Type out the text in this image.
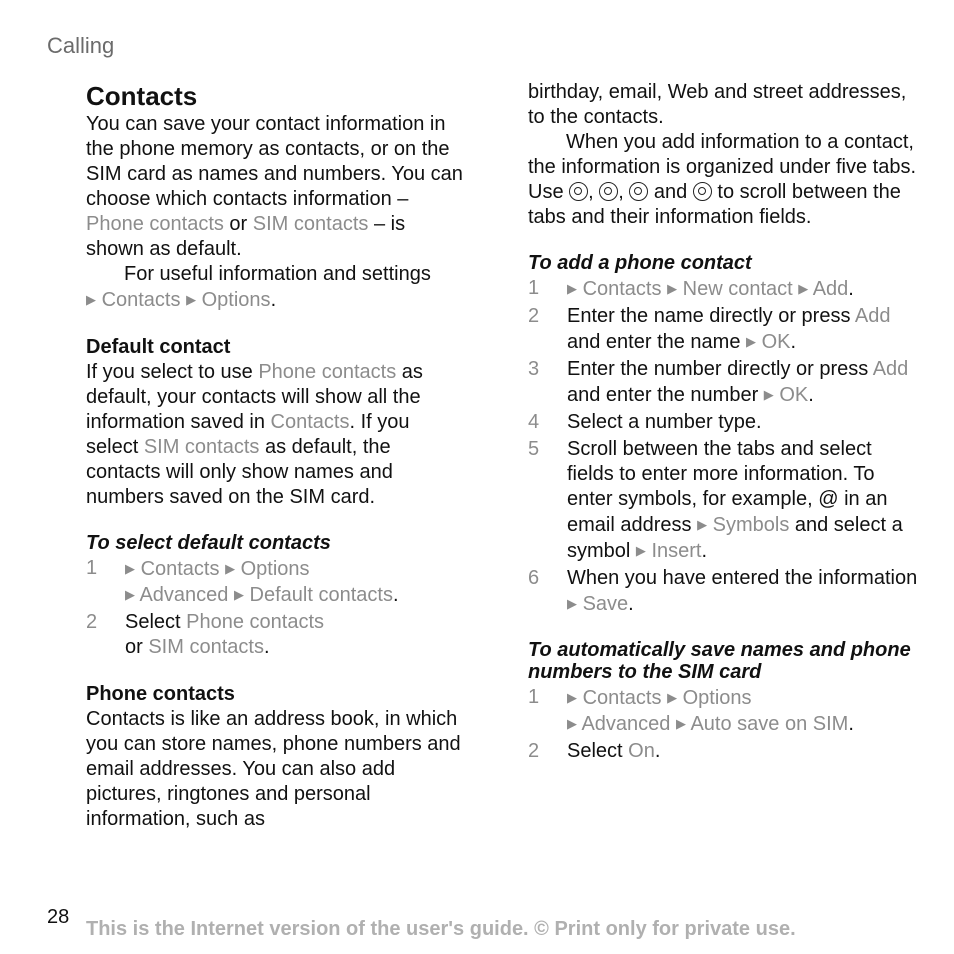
Calling
Contacts

You can save your contact information in the phone memory as contacts, or on the SIM card as names and numbers. You can choose which contacts information – Phone contacts or SIM contacts – is shown as default.

For useful information and settings

▶ Contacts ▶ Options.

Default contact

If you select to use Phone contacts as default, your contacts will show all the information saved in Contacts. If you select SIM contacts as default, the contacts will only show names and numbers saved on the SIM card.

To select default contacts
1	▶ Contacts ▶ Options
▶ Advanced ▶ Default contacts.
2	Select Phone contacts
or SIM contacts.
Phone contacts

Contacts is like an address book, in which you can store names, phone numbers and email addresses. You can also add pictures, ringtones and personal information, such as

birthday, email, Web and street addresses, to the contacts.

When you add information to a contact, the information is organized under five tabs. Use , ,  and  to scroll between the tabs and their information fields.

To add a phone contact
1	▶ Contacts ▶ New contact ▶ Add.
2	Enter the name directly or press Add and enter the name ▶ OK.
3	Enter the number directly or press Add and enter the number ▶ OK.
4	Select a number type.
5	Scroll between the tabs and select fields to enter more information. To enter symbols, for example, @ in an email address ▶ Symbols and select a symbol ▶ Insert.
6	When you have entered the information ▶ Save.
To automatically save names and phone numbers to the SIM card
1	▶ Contacts ▶ Options
▶ Advanced ▶ Auto save on SIM.
2	Select On.
28
This is the Internet version of the user's guide. © Print only for private use.
